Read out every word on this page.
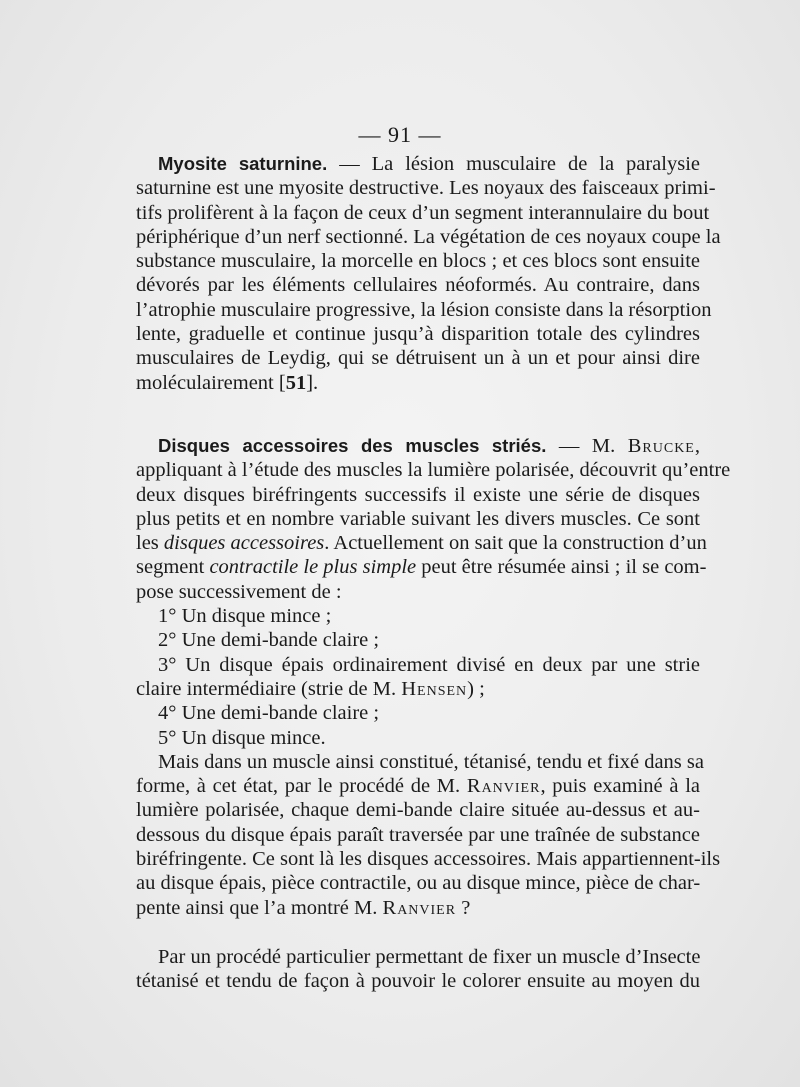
— 91 —
Myosite saturnine. — La lésion musculaire de la paralysie
saturnine est une myosite destructive. Les noyaux des faisceaux primi-
tifs prolifèrent à la façon de ceux d’un segment interannulaire du bout
périphérique d’un nerf sectionné. La végétation de ces noyaux coupe la
substance musculaire, la morcelle en blocs ; et ces blocs sont ensuite
dévorés par les éléments cellulaires néoformés. Au contraire, dans
l’atrophie musculaire progressive, la lésion consiste dans la résorption
lente, graduelle et continue jusqu’à disparition totale des cylindres
musculaires de Leydig, qui se détruisent un à un et pour ainsi dire
moléculairement [51].
Disques accessoires des muscles striés. — M. Brucke,
appliquant à l’étude des muscles la lumière polarisée, découvrit qu’entre
deux disques biréfringents successifs il existe une série de disques
plus petits et en nombre variable suivant les divers muscles. Ce sont
les disques accessoires. Actuellement on sait que la construction d’un
segment contractile le plus simple peut être résumée ainsi ; il se com-
pose successivement de :
1° Un disque mince ;
2° Une demi-bande claire ;
3° Un disque épais ordinairement divisé en deux par une strie
claire intermédiaire (strie de M. Hensen) ;
4° Une demi-bande claire ;
5° Un disque mince.
Mais dans un muscle ainsi constitué, tétanisé, tendu et fixé dans sa
forme, à cet état, par le procédé de M. Ranvier, puis examiné à la
lumière polarisée, chaque demi-bande claire située au-dessus et au-
dessous du disque épais paraît traversée par une traînée de substance
biréfringente. Ce sont là les disques accessoires. Mais appartiennent-ils
au disque épais, pièce contractile, ou au disque mince, pièce de char-
pente ainsi que l’a montré M. Ranvier ?
Par un procédé particulier permettant de fixer un muscle d’Insecte
tétanisé et tendu de façon à pouvoir le colorer ensuite au moyen du
